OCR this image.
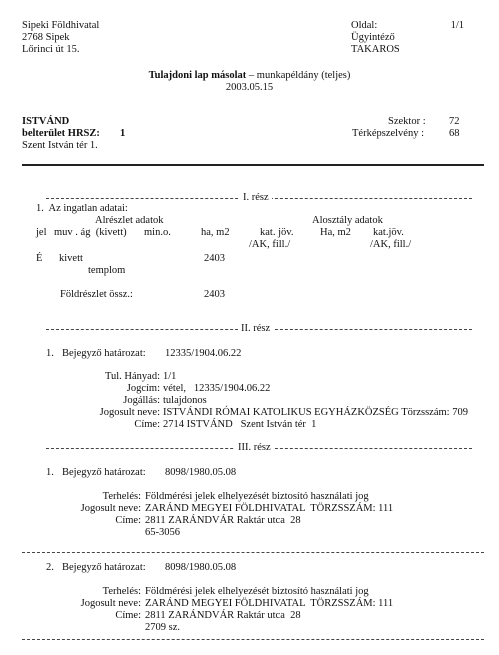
Sipeki Földhivatal
2768 Sipek
Lőrinci út 15.
Oldal:	1/1
Ügyintéző
TAKAROS
Tulajdoni lap másolat – munkapéldány (teljes)
2003.05.15
ISTVÁND
belterület HRSZ: 1
Szent István tér 1.
Szektor : 72
Térképszelvény : 68
I. rész
1.  Az ingatlan adatai:
Alrészlet adatok	Alosztály adatok
jel muv . ág  (kivett) min.o.	ha, m2	kat. jöv.	Ha, m2 kat.jöv.
/AK, fill./	/AK, fill./
É kivett	2403
templom
Földrészlet össz.:	2403
II. rész
1. Bejegyző határozat: 12335/1904.06.22
Tul. Hányad: 1/1
Jogcím: vétel,   12335/1904.06.22
Jogállás: tulajdonos
Jogosult neve: ISTVÁNDI RÓMAI KATOLIKUS EGYHÁZKÖZSÉG Törzsszám: 709
Címe: 2714 ISTVÁND   Szent István tér  1
III. rész
1. Bejegyző határozat: 8098/1980.05.08
Terhelés: Földmérési jelek elhelyezését biztosító használati jog
Jogosult neve: ZARÁND MEGYEI FÖLDHIVATAL  TÖRZSSZÁM: 111
Címe: 2811 ZARÁNDVÁR Raktár utca  28
65-3056
2. Bejegyző határozat: 8098/1980.05.08
Terhelés: Földmérési jelek elhelyezését biztosító használati jog
Jogosult neve: ZARÁND MEGYEI FÖLDHIVATAL  TÖRZSSZÁM: 111
Címe: 2811 ZARÁNDVÁR Raktár utca  28
2709 sz.
